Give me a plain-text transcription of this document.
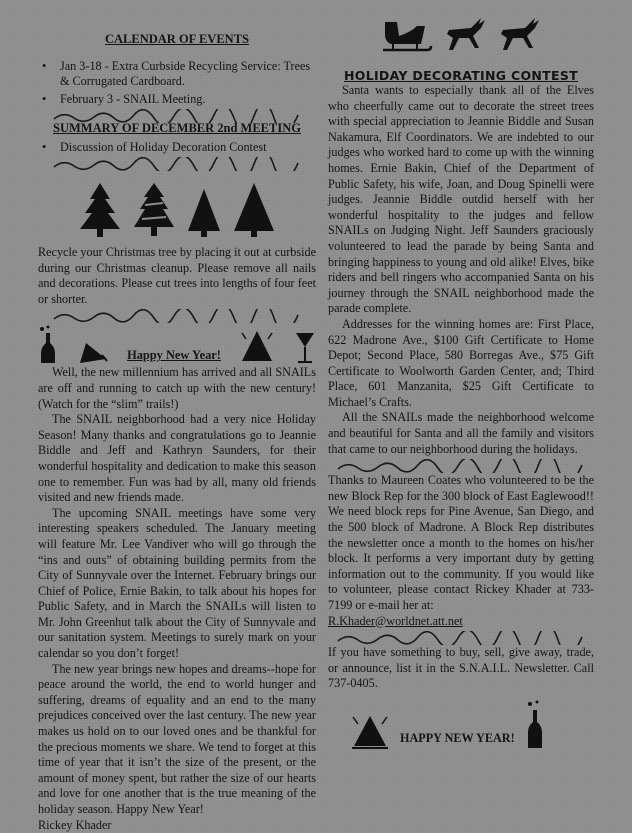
CALENDAR OF EVENTS
• Jan 3-18 - Extra Curbside Recycling Service: Trees & Corrugated Cardboard.
• February 3 - SNAIL Meeting.
SUMMARY OF DECEMBER 2nd MEETING
• Discussion of Holiday Decoration Contest

Recycle your Christmas tree by placing it out at curbside during our Christmas cleanup. Please remove all nails and decorations. Please cut trees into lengths of four feet or shorter.

Happy New Year!

Well, the new millennium has arrived and all SNAILs are off and running to catch up with the new century! (Watch for the “slim” trails!)

The SNAIL neighborhood had a very nice Holiday Season! Many thanks and congratulations go to Jeannie Biddle and Jeff and Kathryn Saunders, for their wonderful hospitality and dedication to make this season one to remember. Fun was had by all, many old friends visited and new friends made.

The upcoming SNAIL meetings have some very interesting speakers scheduled. The January meeting will feature Mr. Lee Vandiver who will go through the “ins and outs” of obtaining building permits from the City of Sunnyvale over the Internet. February brings our Chief of Police, Ernie Bakin, to talk about his hopes for Public Safety, and in March the SNAILs will listen to Mr. John Greenhut talk about the City of Sunnyvale and our sanitation system. Meetings to surely mark on your calendar so you don’t forget!

The new year brings new hopes and dreams--hope for peace around the world, the end to world hunger and suffering, dreams of equality and an end to the many prejudices conceived over the last century. The new year makes us hold on to our loved ones and be thankful for the precious moments we share. We tend to forget at this time of year that it isn’t the size of the present, or the amount of money spent, but rather the size of our hearts and love for one another that is the true meaning of the holiday season. Happy New Year!

Rickey Khader

HOLIDAY DECORATING CONTEST

Santa wants to especially thank all of the Elves who cheerfully came out to decorate the street trees with special appreciation to Jeannie Biddle and Susan Nakamura, Elf Coordinators. We are indebted to our judges who worked hard to come up with the winning homes. Ernie Bakin, Chief of the Department of Public Safety, his wife, Joan, and Doug Spinelli were judges. Jeannie Biddle outdid herself with her wonderful hospitality to the judges and fellow SNAILs on Judging Night. Jeff Saunders graciously volunteered to lead the parade by being Santa and bringing happiness to young and old alike! Elves, bike riders and bell ringers who accompanied Santa on his journey through the SNAIL neighborhood made the parade complete.

Addresses for the winning homes are: First Place, 622 Madrone Ave., $100 Gift Certificate to Home Depot; Second Place, 580 Borregas Ave., $75 Gift Certificate to Woolworth Garden Center, and; Third Place, 601 Manzanita, $25 Gift Certificate to Michael’s Crafts.

All the SNAILs made the neighborhood welcome and beautiful for Santa and all the family and visitors that came to our neighborhood during the holidays.

Thanks to Maureen Coates who volunteered to be the new Block Rep for the 300 block of East Eaglewood!! We need block reps for Pine Avenue, San Diego, and the 500 block of Madrone. A Block Rep distributes the newsletter once a month to the homes on his/her block. It performs a very important duty by getting information out to the community. If you would like to volunteer, please contact Rickey Khader at 733-7199 or e-mail her at:

R.Khader@worldnet.att.net

If you have something to buy, sell, give away, trade, or announce, list it in the S.N.A.I.L. Newsletter. Call 737-0405.

HAPPY NEW YEAR!
